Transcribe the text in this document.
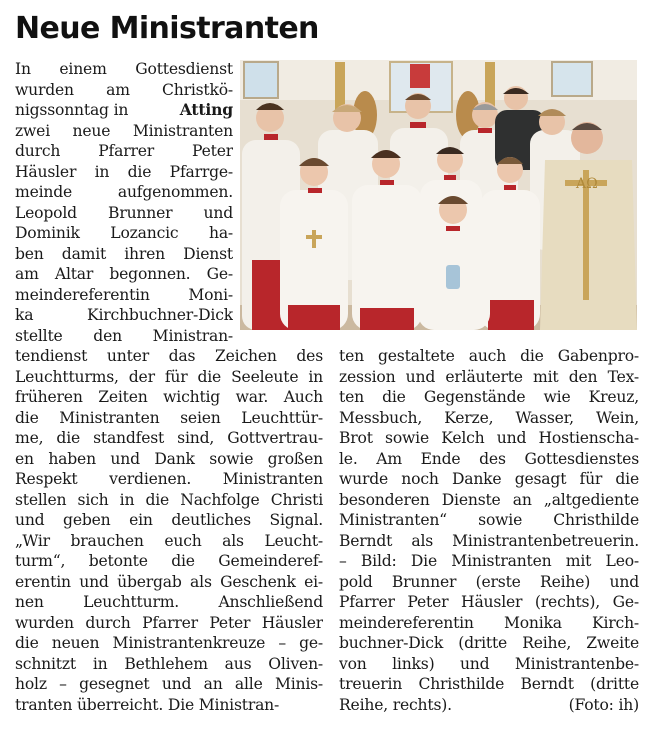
Neue Ministranten
ΑΩ
In einem Gottesdienst
wurden am Christkö-
nigssonntag in	Atting
zwei neue Ministranten
durch Pfarrer Peter
Häusler in die Pfarrge-
meinde aufgenommen.
Leopold Brunner und
Dominik Lozancic ha-
ben damit ihren Dienst
am Altar begonnen. Ge-
meindereferentin Moni-
ka Kirchbuchner-Dick
stellte den Ministran-
tendienst unter das Zeichen des
Leuchtturms, der für die Seeleute in
früheren Zeiten wichtig war. Auch
die Ministranten seien Leuchttür-
me, die standfest sind, Gottvertrau-
en haben und Dank sowie großen
Respekt verdienen. Ministranten
stellen sich in die Nachfolge Christi
und geben ein deutliches Signal.
„Wir brauchen euch als Leucht-
turm“, betonte die Gemeinderef-
erentin und übergab als Geschenk ei-
nen Leuchtturm. Anschließend
wurden durch Pfarrer Peter Häusler
die neuen Ministrantenkreuze – ge-
schnitzt in Bethlehem aus Oliven-
holz – gesegnet und an alle Minis-
tranten überreicht. Die Ministran-
ten gestaltete auch die Gabenpro-
zession und erläuterte mit den Tex-
ten die Gegenstände wie Kreuz,
Messbuch, Kerze, Wasser, Wein,
Brot sowie Kelch und Hostienscha-
le. Am Ende des Gottesdienstes
wurde noch Danke gesagt für die
besonderen Dienste an „altgediente
Ministranten“ sowie Christhilde
Berndt als Ministrantenbetreuerin.
– Bild: Die Ministranten mit Leo-
pold Brunner (erste Reihe) und
Pfarrer Peter Häusler (rechts), Ge-
meindereferentin Monika Kirch-
buchner-Dick (dritte Reihe, Zweite
von links) und Ministrantenbe-
treuerin Christhilde Berndt (dritte
Reihe, rechts).	(Foto: ih)
